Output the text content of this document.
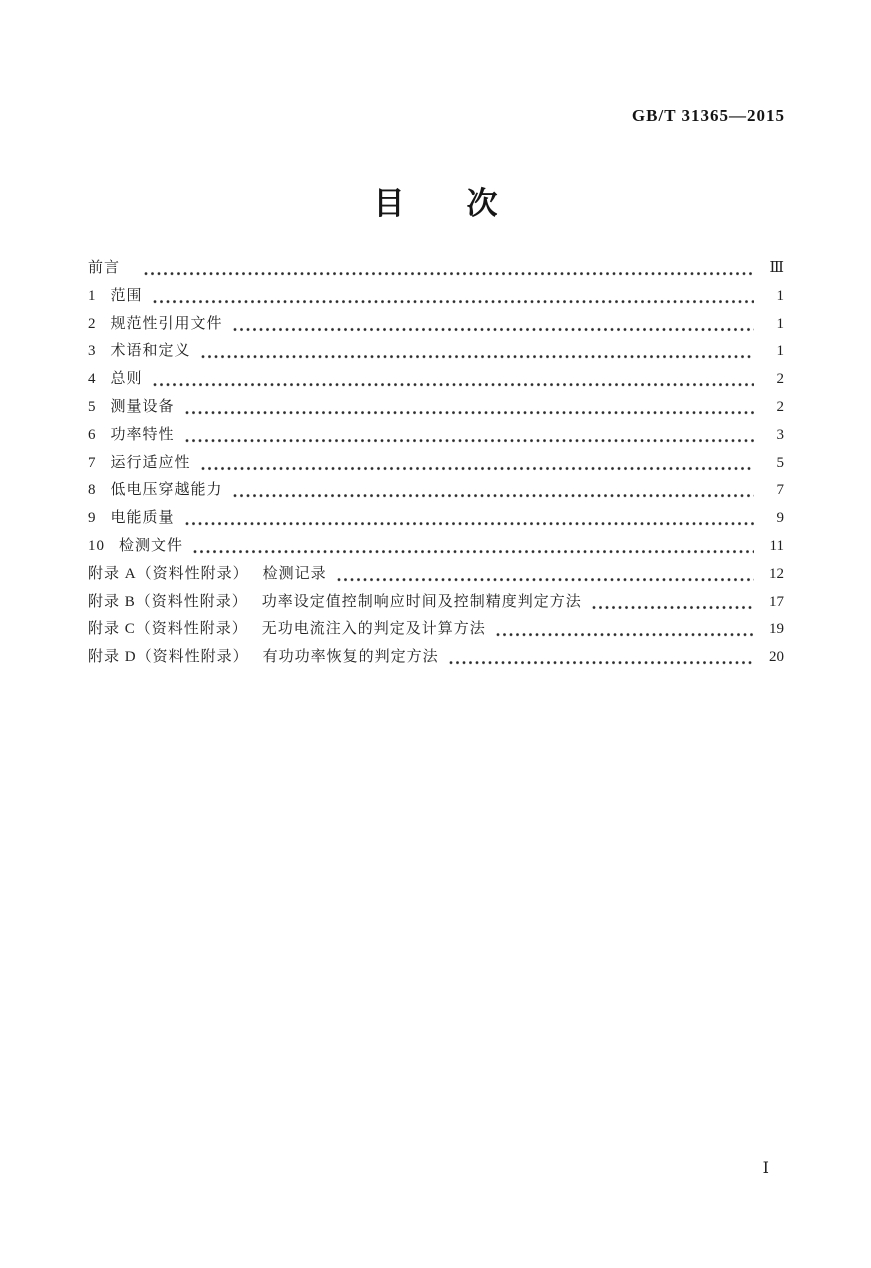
GB/T 31365—2015
目　　次
前言	Ⅲ
1 范围	1
2 规范性引用文件	1
3 术语和定义	1
4 总则	2
5 测量设备	2
6 功率特性	3
7 运行适应性	5
8 低电压穿越能力	7
9 电能质量	9
10 检测文件	11
附录 A（资料性附录） 检测记录	12
附录 B（资料性附录） 功率设定值控制响应时间及控制精度判定方法	17
附录 C（资料性附录） 无功电流注入的判定及计算方法	19
附录 D（资料性附录） 有功功率恢复的判定方法	20
Ⅰ
